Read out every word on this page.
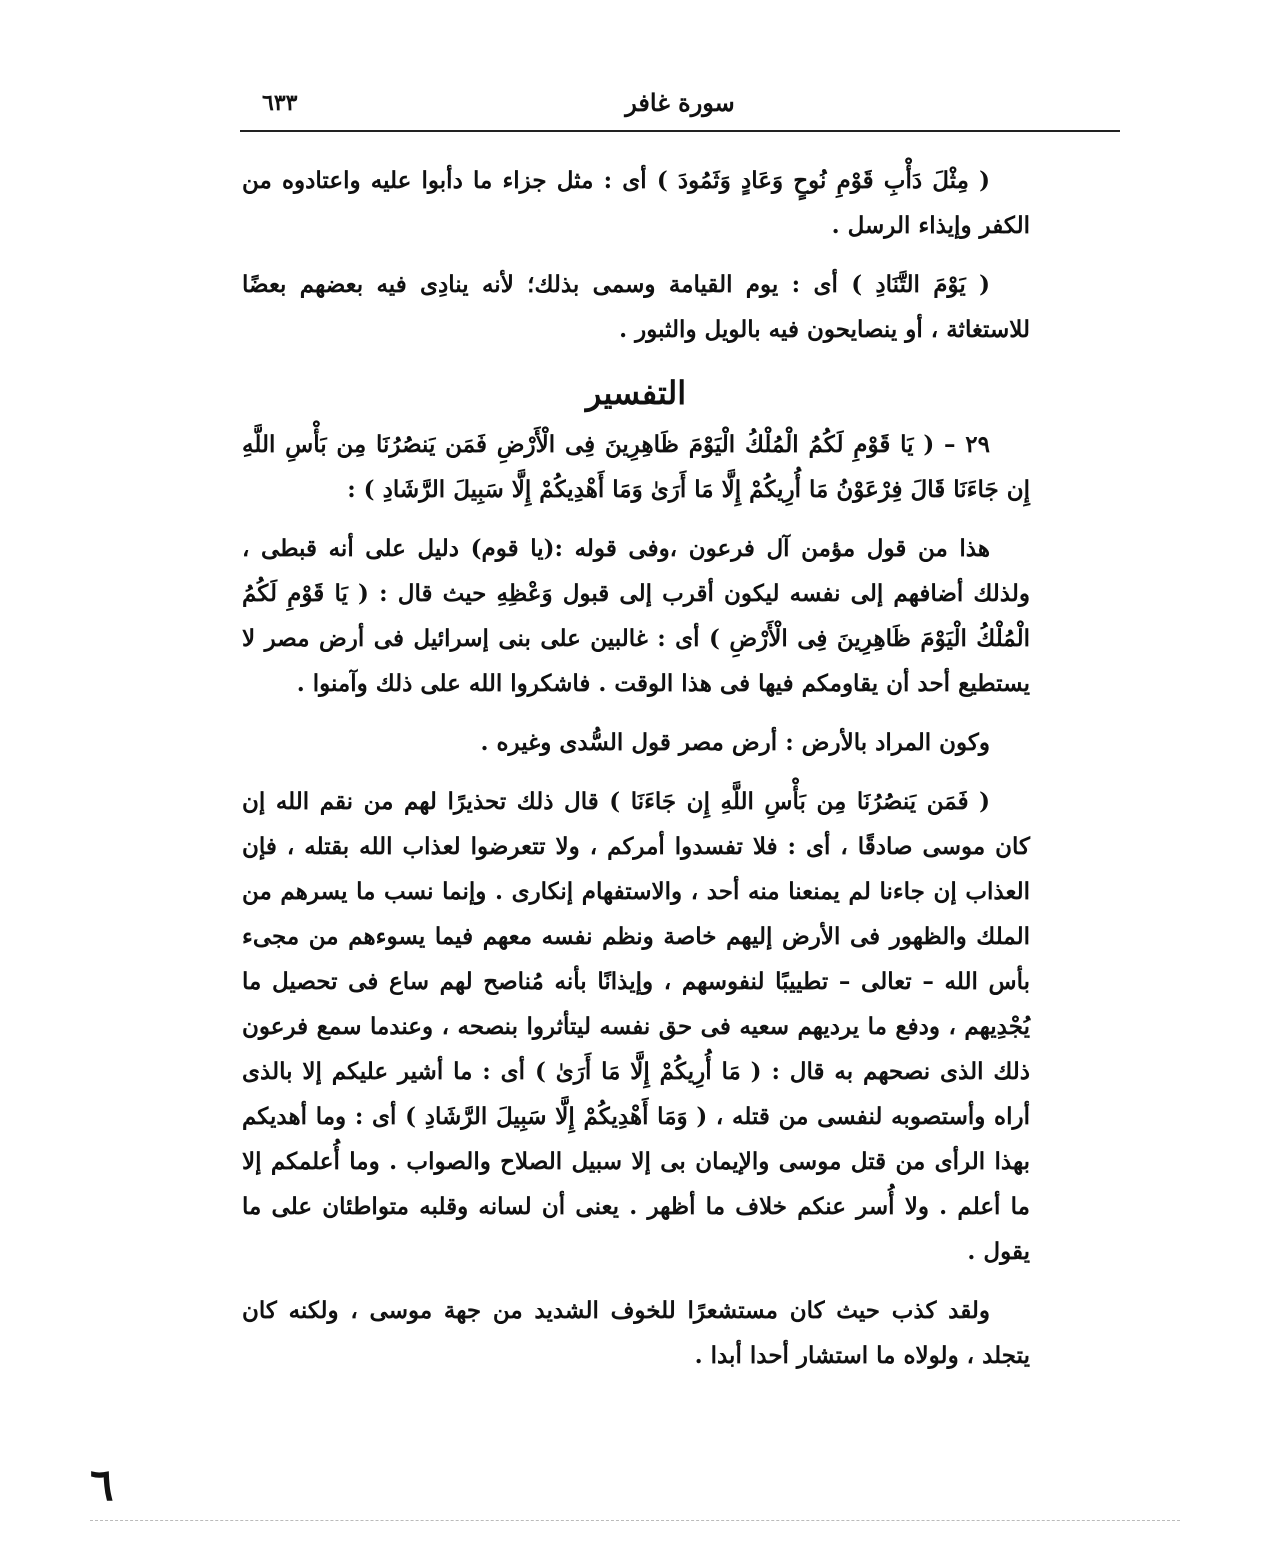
سورة غافر
٦٣٣

( مِثْلَ دَأْبِ قَوْمِ نُوحٍ وَعَادٍ وَثَمُودَ ) أى : مثل جزاء ما دأبوا عليه واعتادوه من الكفر وإيذاء الرسل .

( يَوْمَ التَّنَادِ ) أى : يوم القيامة وسمى بذلك؛ لأنه ينادِى فيه بعضهم بعضًا للاستغاثة ، أو ينصايحون فيه بالويل والثبور .

التفسير

٢٩ – ( يَا قَوْمِ لَكُمُ الْمُلْكُ الْيَوْمَ ظَاهِرِينَ فِى الْأَرْضِ فَمَن يَنصُرُنَا مِن بَأْسِ اللَّهِ إِن جَاءَنَا قَالَ فِرْعَوْنُ مَا أُرِيكُمْ إِلَّا مَا أَرَىٰ وَمَا أَهْدِيكُمْ إِلَّا سَبِيلَ الرَّشَادِ ) :

هذا من قول مؤمن آل فرعون ،وفى قوله :(يا قوم) دليل على أنه قبطى ، ولذلك أضافهم إلى نفسه ليكون أقرب إلى قبول وَعْظِهِ حيث قال : ( يَا قَوْمِ لَكُمُ الْمُلْكُ الْيَوْمَ ظَاهِرِينَ فِى الْأَرْضِ ) أى : غالبين على بنى إسرائيل فى أرض مصر لا يستطيع أحد أن يقاومكم فيها فى هذا الوقت . فاشكروا الله على ذلك وآمنوا .

وكون المراد بالأرض : أرض مصر قول السُّدى وغيره .

( فَمَن يَنصُرُنَا مِن بَأْسِ اللَّهِ إِن جَاءَنَا ) قال ذلك تحذيرًا لهم من نقم الله إن كان موسى صادقًا ، أى : فلا تفسدوا أمركم ، ولا تتعرضوا لعذاب الله بقتله ، فإن العذاب إن جاءنا لم يمنعنا منه أحد ، والاستفهام إنكارى . وإنما نسب ما يسرهم من الملك والظهور فى الأرض إليهم خاصة ونظم نفسه معهم فيما يسوءهم من مجىء بأس الله – تعالى – تطييبًا لنفوسهم ، وإيذانًا بأنه مُناصح لهم ساع فى تحصيل ما يُجْدِيهم ، ودفع ما يرديهم سعيه فى حق نفسه ليتأثروا بنصحه ، وعندما سمع فرعون ذلك الذى نصحهم به قال : ( مَا أُرِيكُمْ إِلَّا مَا أَرَىٰ ) أى : ما أشير عليكم إلا بالذى أراه وأستصوبه لنفسى من قتله ، ( وَمَا أَهْدِيكُمْ إِلَّا سَبِيلَ الرَّشَادِ ) أى : وما أهديكم بهذا الرأى من قتل موسى والإيمان بى إلا سبيل الصلاح والصواب . وما أُعلمكم إلا ما أعلم . ولا أُسر عنكم خلاف ما أظهر . يعنى أن لسانه وقلبه متواطئان على ما يقول .

ولقد كذب حيث كان مستشعرًا للخوف الشديد من جهة موسى ، ولكنه كان يتجلد ، ولولاه ما استشار أحدا أبدا .

٦
